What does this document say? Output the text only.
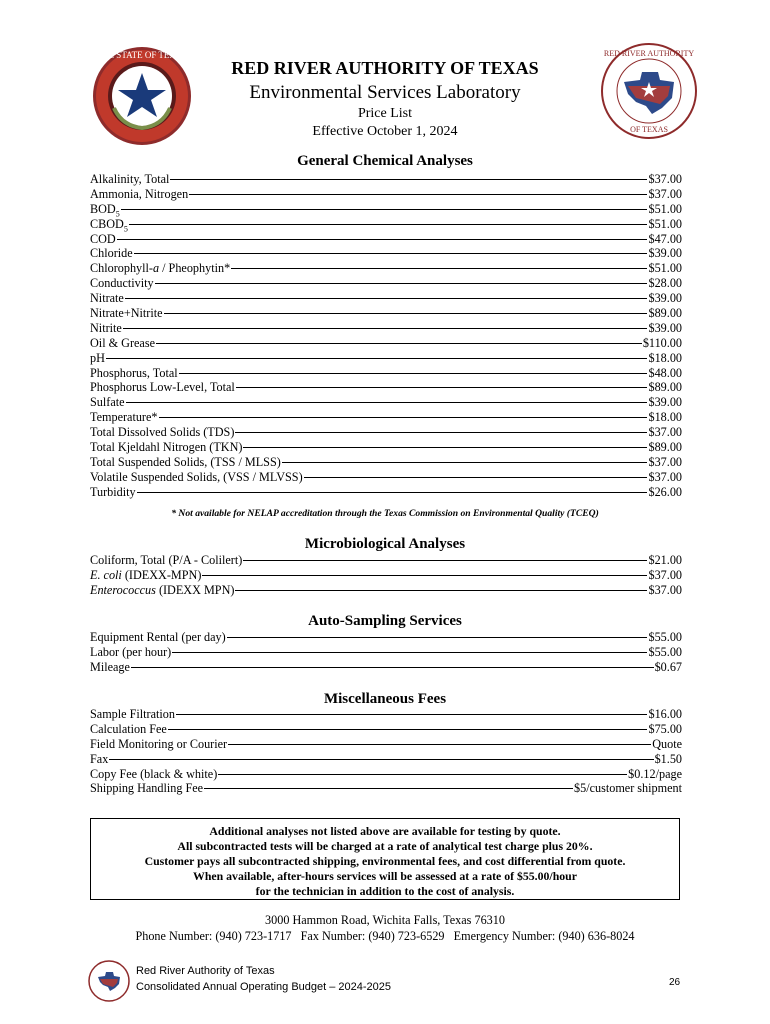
THE STATE OF TEXAS	RED RIVER AUTHORITY
OF TEXAS
RED RIVER AUTHORITY OF TEXAS
Environmental Services Laboratory
Price List
Effective October 1, 2024
General Chemical Analyses
Alkalinity, Total	$37.00
Ammonia, Nitrogen	$37.00
$BOD_5$	$51.00
$CBOD_5$	$51.00
COD	$47.00
Chloride	$39.00
Chlorophyll-a / Pheophytin*	$51.00
Conductivity	$28.00
Nitrate	$39.00
Nitrate+Nitrite	$89.00
Nitrite	$39.00
Oil & Grease	$110.00
pH	$18.00
Phosphorus, Total	$48.00
Phosphorus Low-Level, Total	$89.00
Sulfate	$39.00
Temperature*	$18.00
Total Dissolved Solids (TDS)	$37.00
Total Kjeldahl Nitrogen (TKN)	$89.00
Total Suspended Solids, (TSS / MLSS)	$37.00
Volatile Suspended Solids, (VSS / MLVSS)	$37.00
Turbidity	$26.00
* Not available for NELAP accreditation through the Texas Commission on Environmental Quality (TCEQ)
Microbiological Analyses
Coliform, Total (P/A - Colilert)	$21.00
E. coli (IDEXX-MPN)	$37.00
Enterococcus (IDEXX MPN)	$37.00
Auto-Sampling Services
Equipment Rental (per day)	$55.00
Labor (per hour)	$55.00
Mileage	$0.67
Miscellaneous Fees
Sample Filtration	$16.00
Calculation Fee	$75.00
Field Monitoring or Courier	Quote
Fax	$1.50
Copy Fee (black & white)	$0.12/page
Shipping Handling Fee	$5/customer shipment
Additional analyses not listed above are available for testing by quote.
All subcontracted tests will be charged at a rate of analytical test charge plus 20%.
Customer pays all subcontracted shipping, environmental fees, and cost differential from quote.
When available, after-hours services will be assessed at a rate of $55.00/hour
for the technician in addition to the cost of analysis.
3000 Hammon Road, Wichita Falls, Texas 76310
Phone Number: (940) 723-1717   Fax Number: (940) 723-6529   Emergency Number: (940) 636-8024
Red River Authority of Texas
Consolidated Annual Operating Budget – 2024-2025	26
